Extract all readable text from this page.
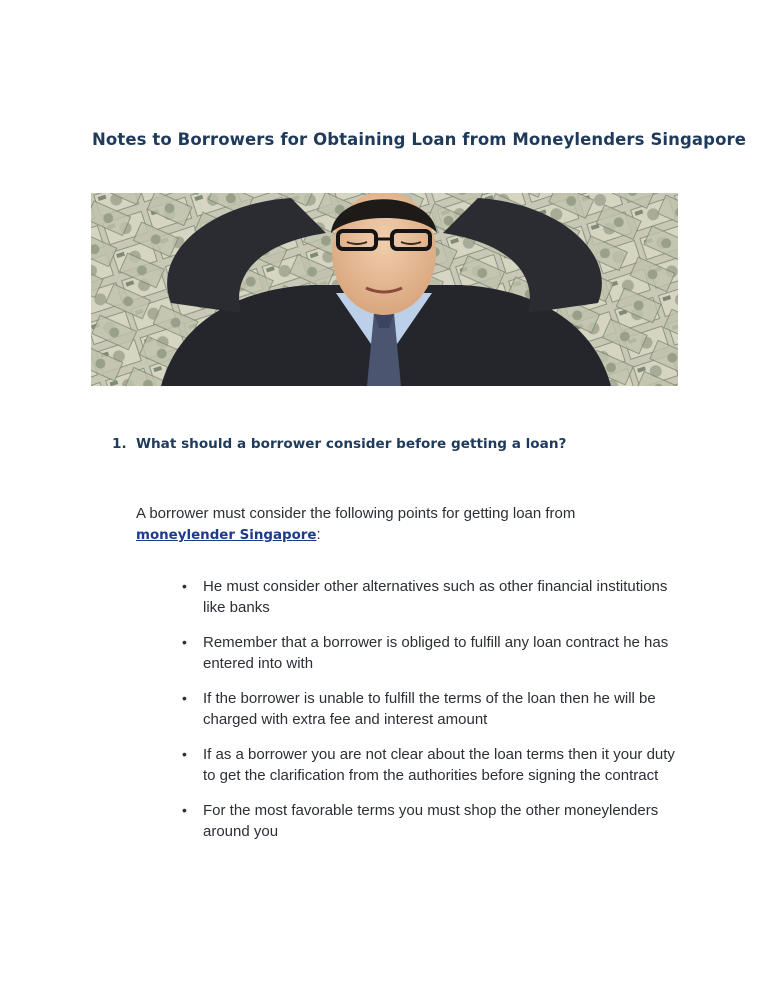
Notes to Borrowers for Obtaining Loan from Moneylenders Singapore
1. What should a borrower consider before getting a loan?
A borrower must consider the following points for getting loan from
moneylender Singapore:
• He must consider other alternatives such as other financial institutions like banks
• Remember that a borrower is obliged to fulfill any loan contract he has entered into with
• If the borrower is unable to fulfill the terms of the loan then he will be charged with extra fee and interest amount
• If as a borrower you are not clear about the loan terms then it your duty to get the clarification from the authorities before signing the contract
• For the most favorable terms you must shop the other moneylenders around you
